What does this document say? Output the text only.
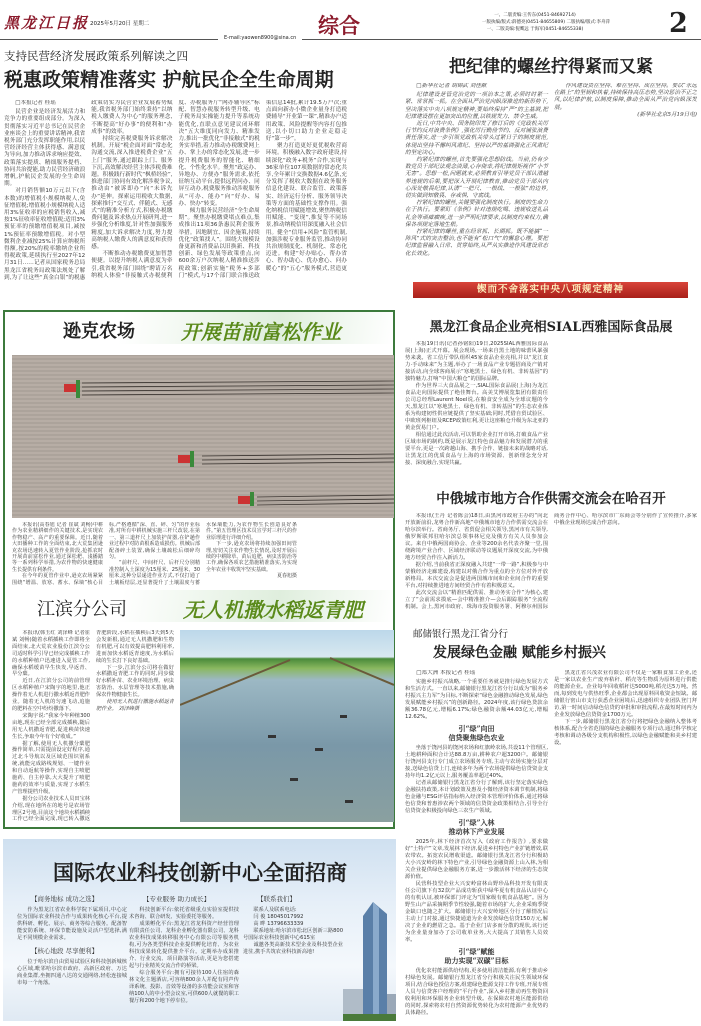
黑龙江日报 2025年5月20日 星期二	综合	一、二版责编:王传东(0451-84692714)
一版执编/版式:薛德亮(0451-84655809) 二版执编/版式:李舟萍
一、二版美编:倪鹰远 于海军(0451-84655338)	2
E-mail:yaowen8900@sina.cn
支持民营经济发展政策系列解读之四
税惠政策精准落实 护航民企全生命周期
□本报记者 桂瑶

民营企业是经济发展活力和竞争力的重要组成部分。为深入贯彻落实习近平总书记在民营企业座谈会上的重要讲话精神,我省税务部门充分发挥职能作用,以民营经济经营主体获得感、满意度为导向,加力推动诉求响应提效、政策落实提质、精细服务提档、协同共治提能,助力民营经济破浪增帆,护航民企发展的全生命周期。

对月销售额10万元以下(含本数)的增值税小规模纳税人,免征增值税;增值税小规模纳税人适用3%征收率的应税销售收入,减按1%征收率征收增值税;适用3%预征率的预缴增值税项目,减按1%预征率预缴增值税。对小型微利企业减按25%计算应纳税所得额,按20%的税率缴纳企业所得税政策,延续执行至2027年12月31日……记者从国家税务总局黑龙江省税务局政策法规处了解到,为了让这些“真金白银”的税惠政策切实为民营企业发展蓄势赋能,我省税务部门始终秉持“以纳税人缴费人为中心”的服务理念,不断提高“好办事”的便利和“办成事”的效率。

持续完善税费服务诉求解决机制。开展“税企面对面”常态化沟通交流,深入推进税费企业“五上门”服务,通过跟踪上门、服务下沉,高效解决经营主体涉税费难题。积极践行新时代“枫桥经验”,推进部门协同有效化解涉税争议,推动由“被诉即办”向“未诉先办”延伸。探索运用税收大数据,探索推行“交互式、伴随式、无感式”的精准分析方式,积极办税缴费问题及诉求热点开展研判,进一步强化分析维度,针对性加强服务精度,加大诉求解决力度,努力提高纳税人缴费人的满意度和获得感。

不断推动办税缴费更加智慧便捷。以提升纳税人满意度为牵引,我省税务部门围绕“聘请万名纳税人体验”非接触式办税便利度、办税服务厅“网办辅导区”标配、智慧办税服务转型升级、电子税务局实操能力提升等系统功能优化,直联点意见建议闭环解决“五大维度同向发力、精准发力,推出一批优化“非接触式”的税务实举措,着力推动办税缴费网上办、掌上办的常态化发展,进一步提升税费服务的智能化、精细化、个性化水平。聚焦“政运办、异地办、方便办”服务需求,依托征纳互动平台,提供远程问办、同屏互动办,税费服务推动涉税服务从“可办、能办”向“好办、易办、快办”转变。

倾力服务民营经济“全生命周期”。聚焦办税缴费堵点难点,集成推出11项36条惠民利企服务举措。因地制宜、因企施策,持续优化“政策找人”。围绕大规模设备更新和消费品以旧换新、科技创新、绿色发展等政策重点,向600余万户次纳税人精准推送涉税政策;创新实施“税务+多部门”模式,与17个部门联合推送政策信息14批,累计19.5万户次;重点面向新办小微企业量身打造税费辅导“开业第一课”,精准办户适用政策、风险提醒等内容打包推送,以小切口助力企业走稳走好“第一步”。

聚力打造更好更优税收营商环境。积极融入数字政府建设,持续深化“政务+税务”合作,实现与36家单位107项数据的常态化共享,全年累计交换数据4.6亿条,充分发挥了税收大数据在政务服务信息化建设、联合监管、政策落实、经济运行分析、服务领导决策等方面的基础性支撑作用。强化纳税信用赋能增效,聚焦纳税信用赋能、“变现”,推复等不同场景,推动纳税信用深度融入社会信用。健全“信用+风险”监管机制,加强涉税专业服务监管,推动协同共治规制度化、机制化、常态化迈进。构建“好办贴心、帮办省心、智办助心、优办愈心、问办暖心”的“五心”服务模式,营造更

把纪律的螺丝拧得紧而又紧
□新华社记者 胡锦武 刘佳献

纪律建设是管党治党的一项治本之策,必须时时紧一紧、常常抓一抓。在全面从严治党向纵深推进的新形势下,坚决落实中央八项规定精神,要始终保持“严”的主基调,把纪律建设摆在更加突出的位置,以铁规发力、禁令生威。

近日,中共中央、国务院印发了修订后的《党政机关厉行节约反对浪费条例》,强化厉行勤俭节约、反对铺张浪费责任落实,进一步引领党政机关带头过紧日子的制度规范,体现出坚持不懈纠风肃纪、坚持以严的基调强化正风肃纪的坚定决心。

约紧纪律的螺丝,首先要强化思想防线。当前,仍有少数党员干部纪法观念淡薄,心存侥幸,将纪律规矩视作“小节无害”。思想一松,问题就来,必须教育引导党员干部认清越界违规的后果,要把深入开展纪律教育,推动党员干部从内心深处敬畏纪律,认清“一把尺、一根线、一根弦”的边界,切实做到知敬畏、存戒惧、守底线。

拧紧纪律的螺丝,关键要强化制度执行。制度的生命力在于执行。要紧盯《条例》针对违规吃喝、违规收送礼品礼金等顽瘴痼疾,进一步严明纪律要求,以制度约束权力,确保各项规定落地生根。

拧紧纪律的螺丝,重在经常抓、长期抓。既不能搞“一阵风”式的突击整治,也不能有“松口气”的懈怠心理。要把纪律监督融入日常、贯穿始终,从严从实推进作风建设常态化长效化。

作风建设贵在坚持、难在坚持、成在坚持。要以“永远在路上”的坚韧和执着,持续保持高压态势,坚决惩治不正之风,以纪律护航,以制度保障,推动全面从严治党向纵深发展。

(新华社北京5月19日电)
锲而不舍落实中央八项规定精神
逊克农场 开展苗前富松作业

本报讯(高春旭 记者 崔斌 刘畅)中耕作为农业精耕细作的关键技术,是实现农作物稳产、高产的重要保障。近日,随着大田播种工作的全面结束,北大荒集团逊克农场迅速转入夏管作业阶段,抢抓农时开展苗前富松作业,通过深松耙、浅播踏等一系列科学举措,为农作物的快速健康生长提供有利条件。

在今年的夏管作业中,逊克农场紧紧围绕“增温、放寒、蓄水、保墒”核心目标,严格遵循“深、直、碎、匀”的作业标准,对所有中耕机械实施三杆尺改装,在第一、第三道杆尺上加装护苗器,在铲趟作业过程中对防苗根系造成损伤。机械后部配备碎土装置,确保土壤疏松后细碎均匀。

“前杆尺、中间杆尺、后杆尺分别精准控制入土深度为15厘米、25厘米、30厘米,这种分层递进作业方式,不仅打通了土壤板结层,还显著提升了土壤温度与蓄水保墒能力,为农作物生长创造良好条件。”第五管理区技术员宣学对三杆尺的作业原理进行详细介绍。

下一步,逊克农场将持续加强田间管理,密切关注农作物生长情况,及时开展后续的中耕除草、苗后追肥、病虫害防治等工作,确保各项农艺措施精准落实,为实现全年农业丰收筑牢坚实基础。

夏春旭摄
江滨分公司	无人机撒水稻返青肥

本报讯(韩玉红 刘泽峰 记者崔斌 刘畅)随着水稻插秧工作即将全面结束,北大荒农业股份江滨分公司适时科学引导已经完成插秧工作的水稻种植户迅速进入夏管工作,确保水稻缓苗早生快发,早返青、早分蘖。

近日,在江滨分公司的前管理区水稻种植户宋陶宇的地里,他正操作着无人机进行撒水稻返青肥作业。随着无人机的匀速飞动,追施的肥料在空中纷纷撒落下。

宋陶宇说:“我家今年种植300亩地,现在已经全部完成插秧,随后用无人机撒返青肥,促进秧苗快速生长,争取今年有个好收成。”

据了解,使用无人机撒分蘖肥操作简单,只需提前设定好程序,通过北斗导航以及区域范围识别系统,就能完成路线规划、一键作业和自动返航等操作,实现自主喷肥施药、自主停靠,大大提升了喷肥施药的效率与质量,实现了水稻生产管理提档升级。

据分公司农业技术人员田宝林介绍,现在地所在的地号是农场管理区2号地,目前这个地块水稻插秧工作已经全面完成,现已转入撒返青肥阶段,水稻在插秧后3天到5天会发新根,通过无人机撒肥和生物有机肥,可以有效提高肥料利用率,进而加快水稻返青速度,为水稻后续的生长打下良好基础。

下一步,江滨分公司将在做好水稻撒返青肥工作的同时,同步做好水稻补苗、农业环境治理、病虫害防治、水层管理等技术措施,确保农作物健康生长。

使用无人机进行撒施水稻返青肥作业。 刘泽峰摄

黑龙江食品企业亮相SIAL西雅国际食品展

本报19日讯(记者孙铭阳)19日,2025SIAL西雅国际食品展(上海)正式开幕。展会现场,一场来自黑土地的味蕾风暴强势来袭。省工信厅带队组织45家食品企业亮相,并以“龙江食力·手动味来”为主题,举办了一场食品产业专题招商及产销对接活动,向全球客商展示“寒地黑土、绿色有机、非转基因”的独特魅力,打响“中国大粮仓”的国际品牌。

作为世界三大食品展之一,SIAL国际食品展(上海)为龙江食品走向国际提供了绝佳舞台。高美艾博展览集团有限责任公司总经理Laurent Noel说,在粮食安全成为全球议题的今天,黑龙江以“寒地黑土、绿色有机、非转基因”的生态农业体系为构建韧性供应链提供了坚实基础;同时,凭借自贸试验区、中欧班列枢纽及RCEP政策红利,更让这座粮仓升级为东北亚的黄金贸易门户。

相信通过此次活动,可以帮助企业打开市场,打破食品产业区域市场的制约,既是展示龙江特色食品魅力和发展潜力的重要平台,更是一次跨越山海、携手合作、链接未来的战略对话,让黑龙江的优质食品与上海的市场资源、创新理念充分对接、深度融合,实现共赢。

中俄城市地方合作供需交流会在哈召开

本报讯(王丹 记者陈会)18日,由黑河市政府主办的“向北开放新前沿,龙粤合作新高地”中俄城市地方合作供需交流会在哈尔滨举行。省商务厅、省贸促会相关领导,黑河市有关领导,俄罗斯联邦驻哈尔滨总领事林尼克及俄方有关人员参加会议。来自中俄两国商协会、企业等200余名代表齐聚一堂,围绕跨境产业合作、区域经济联动等议题展开深度交流,为中俄地方经贸合作注入新活力。

据介绍,当前我省正深度融入共建“一带一路”,积极参与中蒙俄经济走廊建设,构建以对俄合作为重点的全方位对外开放新格局。本次交流会是促进两国城市间和企业间合作的重要平台,对持续推进地方间经贸合作有着积极意义。

此次交流会以“精准匹配供需、推动务实合作”为核心,建立了“会前需求摸底—会中精准推介—会后跟踪服务”全流程机制。会上,黑河市政府、珠海市投资服务署、阿穆尔州国际商务合作中心、哈尔滨市广东商会等分别作了宣传推介,多家中俄企业现场达成合作意向。

邮储银行黑龙江省分行
发展绿色金融 赋能乡村振兴
□郑大洲 本报记者 桂瑶

实施乡村振兴战略,一个重要任务就是推行绿色发展方式和生活方式。一直以来,邮储银行黑龙江省分行以成为“服务乡村振兴主力军”为目标,不断探索“绿色金融推动绿色发展,绿色发展赋能乡村振兴”的创新路径。2024年度,该行绿色贷款余额36.78亿元,增幅6.17%;绿色融资余额44.03亿元,增幅12.62%。

引“绿”向田
信贷聚焦绿色农业

坐落于饶河县的饶河农场和红旗岭农场,共设11个管理区,土地耕种面积合计达88.8万亩,耕种农户超3200户。邮储银行饶河县支行专门成立农场服务专班,主动与农场实施分层对接,送绿色信贷上门,连续多年为两个农场提供绿色信贷资金支持年均1.2亿元以上,服务覆盖率超过40%。

记者从邮储银行黑龙江省分行了解到,该行坚定落实绿色金融扶持政策,本计划政策及惠及小微经济资本调节机制,将绿色金融与ESG评估指标纳入经济资本管理评价体系,通过将绿色信贷和普惠涉农两个领域的信贷资金政策相结合,引导全行信贷资金积极投向绿色三农生产领域。

引“绿”入林
推动林下产业发展

2025年,林下经济首次写入《政府工作报告》,要求做好“土特产”文章,发展林下经济,促进乡村特色产业扩链增效,联农带农。拓宽农民增收渠道。邮储银行黑龙江省分行积极助大小兴安岭的林下特色产业,引导绿色金融资源上山入林,为相关企业提供绿色金融服务方案,进一步激活林下经济的生态资源价值。

民营科技型企业大兴安岭富林山野珍品科技开发有限责任公司旗下有32款产品成功斩获中绿华夏有机食品认证中心的有机认证,被环保部门评定为“国家级有机食品基地”。因为野生山产品采摘期季节性较强,随着市场的扩大,企业采购季资金缺口也随之扩大。邮储银行大兴安岭地区分行了解情况后主动上门对接,通过快捷通道为企业发放绿色信贷150万元,解决了企业的燃眉之急。基于企业门店多而分散的现状,该行还为企业量身加办了公司收单业务,大大提高了其销售人员效率。

引“绿”赋能
助力实现“双碳”目标

优化农村能源供给结构,更多使用清洁能源,有利于推动乡村绿色发展。邮储银行黑龙江省分行积极关注民生领域环保项目,结合绿色授信方案,组建绿色能源支持工作专班,开展专班人员与信贷客户经理的“平行作业”,深入乡村推动再生物资回收利用和环保服务企业转型升级。在保障农村地区能源供给的同时,探索将农村自然资源优势转化为农村能源产业优势的具体路径。

黑龙江省兴茂农业有限公司不仅是一家粮食加工企业,还是一家以农业生产废弃秸秆、稻壳等生物质为原料进行供能的能源企业。企业每年回收稻秆达5000吨,稻壳达5万吨。然而,每到发电与供热旺季,企业都会出现原料回收资金短缺。邮储银行密山市支行获悉企业困境后,迅速组织专业团队登门拜访,第一时间启动绿色信贷的审批和审批流程,在最短时间内为企业发放绿色信贷资金1700万元。

下一步,邮储银行黑龙江省分行将把绿色金融纳入整体考核体系,配合全省范围的绿色金融服务专项行动,通过科学核定考核和调动各级分支机构积极性,以绿色金融赋能和美乡村建设。

国际农业科技创新中心全面招商
【商务地标 成功之选】

作为黑龙江省农业科学院下属项目,中心定位为国际农业科技合作与成果转化核心平台,提供科研、孵化、展示、商务等综合服务。配备智能安防系统、环保节能设施及灵活户型选择,满足不同规模企业需求。

【核心地段 尽享便利】

位于哈尔滨自由贸易试验区和科技创新城核心区域,毗邻哈尔滨市政府、高新区政府、万达商业集群,坐拥四通八达的交通网络,轻松连接城市每一个角落。

【专业服务 助力成长】

科技创新平台:依托省级重点实验室提供技术咨询、联合研发、实验委托等服务。

成果孵化平台:黑龙江省龙科资产经营管理有限责任公司、龙科企业孵化器有限公司、龙科农业科技成果转移服务中心有限公司等服务机构,可为各类型科技企业提供孵化培育、为农业科技成果转化提供推介平台。定期举办成果推介、行业交流、项目路演等活动,更是为您搭建起与行业精英交流合作的桥梁。

综合服务平台:拥有可接待100人住宿的森林文化主题酒店,可容纳800余人并配有同声传译系统、投影、音效等设备的多功能会议室和容纳100人的中小型会议室,可供600人就餐的职工餐厅和200个地下停车位。

【联系我们】

联系人及联系电话:

闫 俊 18045017992

高 畔 13796633339

联系地址:哈尔滨市松北区创新三路800号国际农业科技创新中心615室

诚邀各类高新技术型企业及科技型企业进驻,携手共筑农业科技新高地!
